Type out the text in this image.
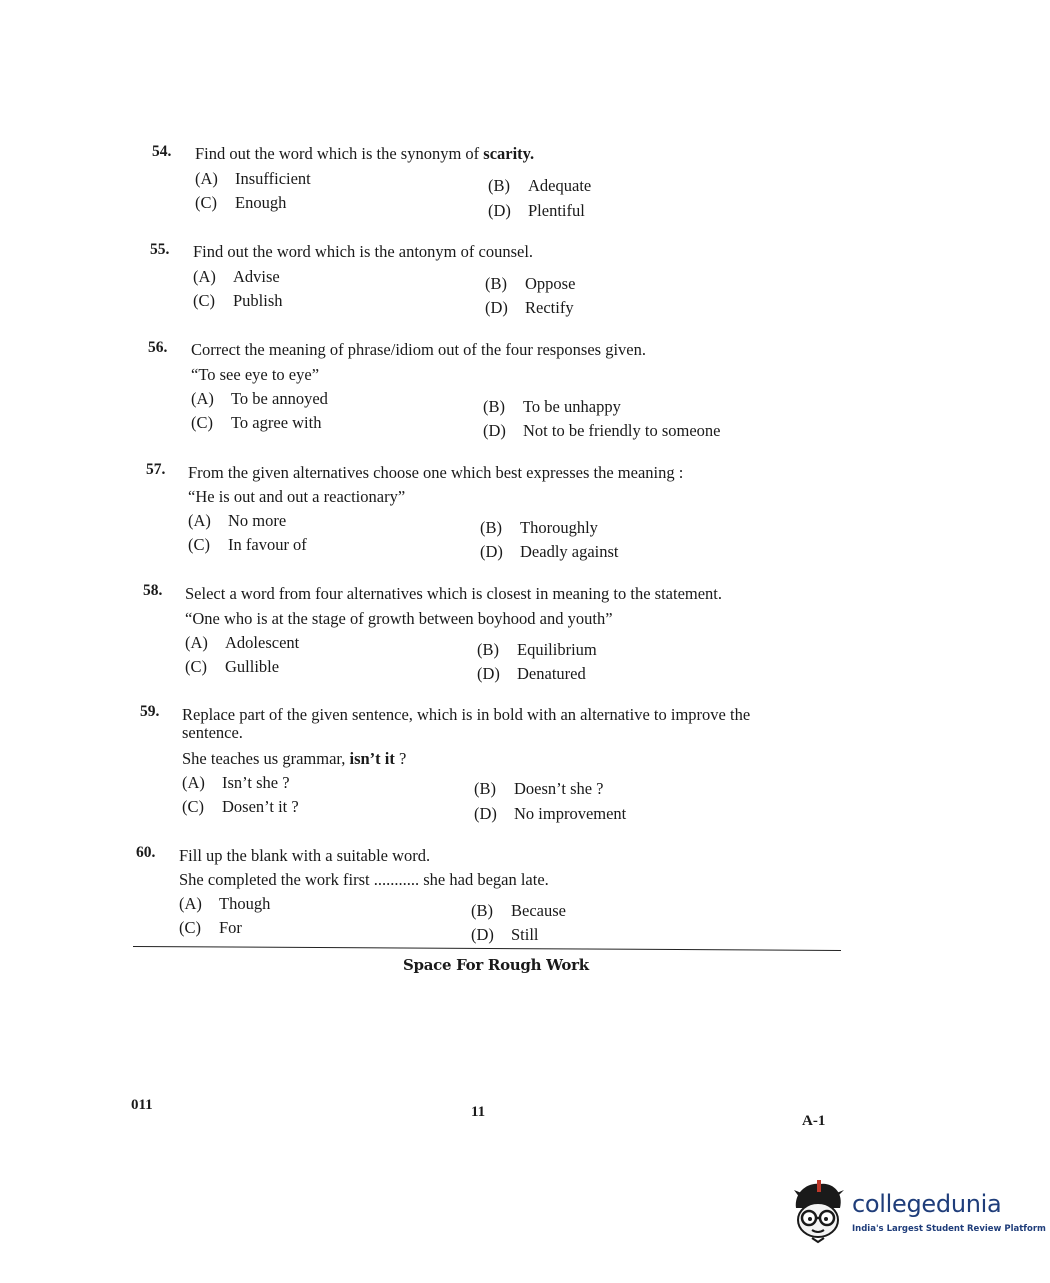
54. Find out the word which is the synonym of scarity.
(A) Insufficient
(C) Enough
(B) Adequate
(D) Plentiful
55. Find out the word which is the antonym of counsel.
(A) Advise
(C) Publish
(B) Oppose
(D) Rectify
56. Correct the meaning of phrase/idiom out of the four responses given.
“To see eye to eye”
(A) To be annoyed
(C) To agree with
(B) To be unhappy
(D) Not to be friendly to someone
57. From the given alternatives choose one which best expresses the meaning :
“He is out and out a reactionary”
(A) No more
(C) In favour of
(B) Thoroughly
(D) Deadly against
58. Select a word from four alternatives which is closest in meaning to the statement.
“One who is at the stage of growth between boyhood and youth”
(A) Adolescent
(C) Gullible
(B) Equilibrium
(D) Denatured
59. Replace part of the given sentence, which is in bold with an alternative to improve the
sentence.
She teaches us grammar, isn’t it ?
(A) Isn’t she ?
(C) Dosen’t it ?
(B) Doesn’t she ?
(D) No improvement
60. Fill up the blank with a suitable word.
She completed the work first ........... she had began late.
(A) Though
(C) For
(B) Because
(D) Still
Space For Rough Work
011	11
A-1
collegedunia
India's Largest Student Review Platform
